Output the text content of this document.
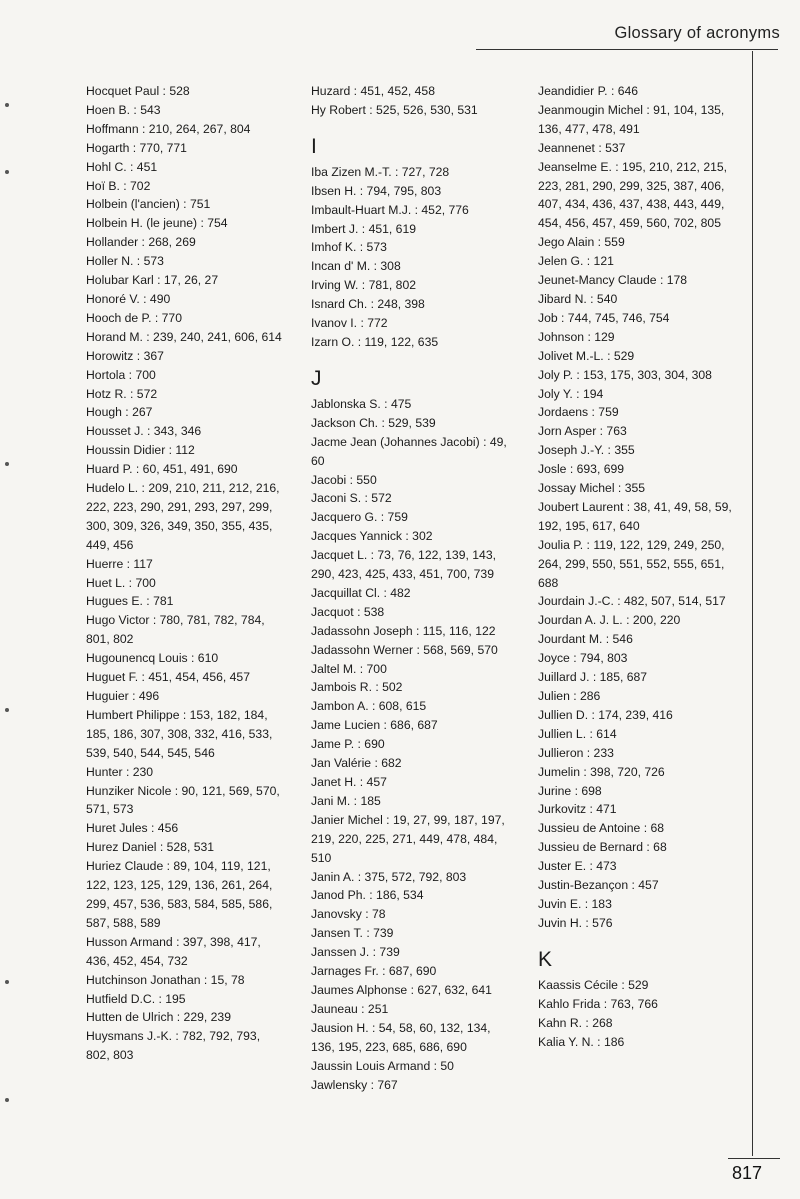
Glossary of acronyms
Hocquet Paul : 528
Hoen B. : 543
Hoffmann : 210, 264, 267, 804
Hogarth : 770, 771
Hohl C. : 451
Hoï B. : 702
Holbein (l'ancien) : 751
Holbein H. (le jeune) : 754
Hollander : 268, 269
Holler N. : 573
Holubar Karl : 17, 26, 27
Honoré V. : 490
Hooch de P. : 770
Horand M. : 239, 240, 241, 606, 614
Horowitz : 367
Hortola : 700
Hotz R. : 572
Hough : 267
Housset J. : 343, 346
Houssin Didier : 112
Huard P. : 60, 451, 491, 690
Hudelo L. : 209, 210, 211, 212, 216, 222, 223, 290, 291, 293, 297, 299, 300, 309, 326, 349, 350, 355, 435, 449, 456
Huerre : 117
Huet L. : 700
Hugues E. : 781
Hugo Victor : 780, 781, 782, 784, 801, 802
Hugounencq Louis : 610
Huguet F. : 451, 454, 456, 457
Huguier : 496
Humbert Philippe : 153, 182, 184, 185, 186, 307, 308, 332, 416, 533, 539, 540, 544, 545, 546
Hunter : 230
Hunziker Nicole : 90, 121, 569, 570, 571, 573
Huret Jules : 456
Hurez Daniel : 528, 531
Huriez Claude : 89, 104, 119, 121, 122, 123, 125, 129, 136, 261, 264, 299, 457, 536, 583, 584, 585, 586, 587, 588, 589
Husson Armand : 397, 398, 417, 436, 452, 454, 732
Hutchinson Jonathan : 15, 78
Hutfield D.C. : 195
Hutten de Ulrich : 229, 239
Huysmans J.-K. : 782, 792, 793, 802, 803
Huzard : 451, 452, 458
Hy Robert : 525, 526, 530, 531
I
Iba Zizen M.-T. : 727, 728
Ibsen H. : 794, 795, 803
Imbault-Huart M.J. : 452, 776
Imbert J. : 451, 619
Imhof K. : 573
Incan d' M. : 308
Irving W. : 781, 802
Isnard Ch. : 248, 398
Ivanov I. : 772
Izarn O. : 119, 122, 635
J
Jablonska S. : 475
Jackson Ch. : 529, 539
Jacme Jean (Johannes Jacobi) : 49, 60
Jacobi : 550
Jaconi S. : 572
Jacquero G. : 759
Jacques Yannick : 302
Jacquet L. : 73, 76, 122, 139, 143, 290, 423, 425, 433, 451, 700, 739
Jacquillat Cl. : 482
Jacquot : 538
Jadassohn Joseph : 115, 116, 122
Jadassohn Werner : 568, 569, 570
Jaltel M. : 700
Jambois R. : 502
Jambon A. : 608, 615
Jame Lucien : 686, 687
Jame P. : 690
Jan Valérie : 682
Janet H. : 457
Jani M. : 185
Janier Michel : 19, 27, 99, 187, 197, 219, 220, 225, 271, 449, 478, 484, 510
Janin A. : 375, 572, 792, 803
Janod Ph. : 186, 534
Janovsky : 78
Jansen T. : 739
Janssen J. : 739
Jarnages Fr. : 687, 690
Jaumes Alphonse : 627, 632, 641
Jauneau : 251
Jausion H. : 54, 58, 60, 132, 134, 136, 195, 223, 685, 686, 690
Jaussin Louis Armand : 50
Jawlensky : 767
Jeandidier P. : 646
Jeanmougin Michel : 91, 104, 135, 136, 477, 478, 491
Jeannenet : 537
Jeanselme E. : 195, 210, 212, 215, 223, 281, 290, 299, 325, 387, 406, 407, 434, 436, 437, 438, 443, 449, 454, 456, 457, 459, 560, 702, 805
Jego Alain : 559
Jelen G. : 121
Jeunet-Mancy Claude : 178
Jibard N. : 540
Job : 744, 745, 746, 754
Johnson : 129
Jolivet M.-L. : 529
Joly P. : 153, 175, 303, 304, 308
Joly Y. : 194
Jordaens : 759
Jorn Asper : 763
Joseph J.-Y. : 355
Josle : 693, 699
Jossay Michel : 355
Joubert Laurent : 38, 41, 49, 58, 59, 192, 195, 617, 640
Joulia P. : 119, 122, 129, 249, 250, 264, 299, 550, 551, 552, 555, 651, 688
Jourdain J.-C. : 482, 507, 514, 517
Jourdan A. J. L. : 200, 220
Jourdant M. : 546
Joyce : 794, 803
Juillard J. : 185, 687
Julien : 286
Jullien D. : 174, 239, 416
Jullien L. : 614
Jullieron : 233
Jumelin : 398, 720, 726
Jurine : 698
Jurkovitz : 471
Jussieu de Antoine : 68
Jussieu de Bernard : 68
Juster E. : 473
Justin-Bezançon : 457
Juvin E. : 183
Juvin H. : 576
K
Kaassis Cécile : 529
Kahlo Frida : 763, 766
Kahn R. : 268
Kalia Y. N. : 186
817
